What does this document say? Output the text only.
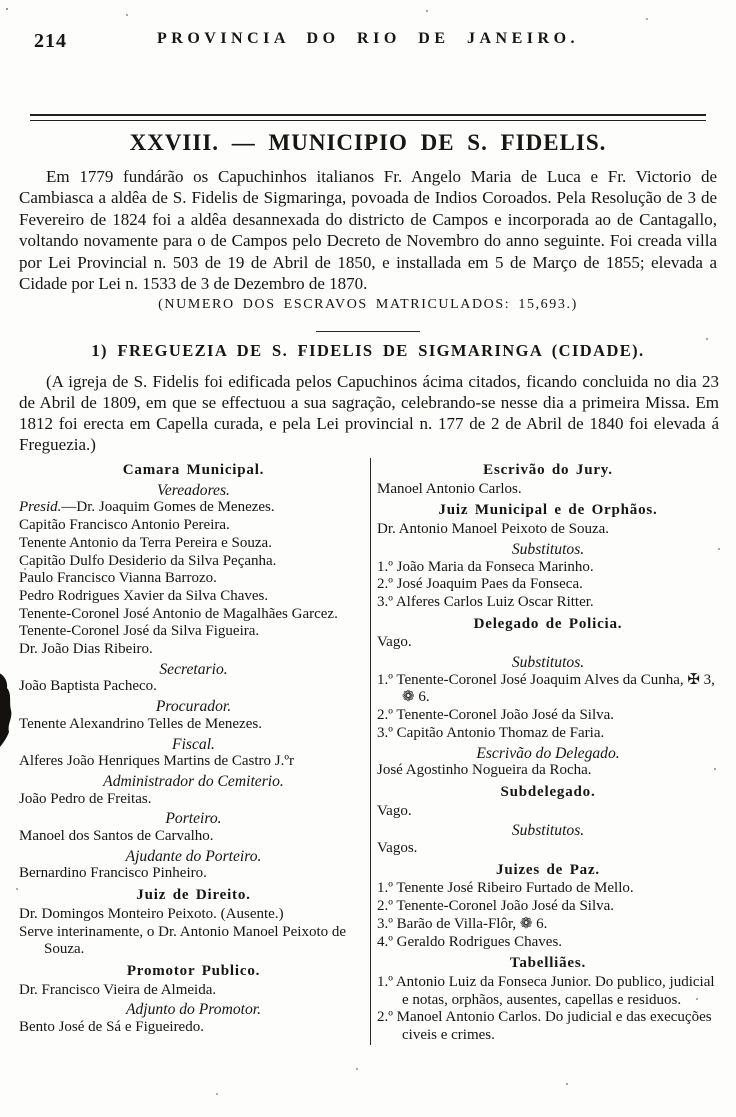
214	PROVINCIA DO RIO DE JANEIRO.
XXVIII. — MUNICIPIO DE S. FIDELIS.

Em 1779 fundárão os Capuchinhos italianos Fr. Angelo Maria de Luca e Fr. Victorio de Cambiasca a aldêa de S. Fidelis de Sigmaringa, povoada de Indios Coroados. Pela Resolução de 3 de Fevereiro de 1824 foi a aldêa desannexada do districto de Campos e incorporada ao de Cantagallo, voltando novamente para o de Campos pelo Decreto de Novembro do anno seguinte. Foi creada villa por Lei Provincial n. 503 de 19 de Abril de 1850, e installada em 5 de Março de 1855; elevada a Cidade por Lei n. 1533 de 3 de Dezembro de 1870.

(NUMERO DOS ESCRAVOS MATRICULADOS: 15,693.)

1) FREGUEZIA DE S. FIDELIS DE SIGMARINGA (CIDADE).

(A igreja de S. Fidelis foi edificada pelos Capuchinos ácima citados, ficando concluida no dia 23 de Abril de 1809, em que se effectuou a sua sagração, celebrando-se nesse dia a primeira Missa. Em 1812 foi erecta em Capella curada, e pela Lei provincial n. 177 de 2 de Abril de 1840 foi elevada á Freguezia.)

Camara Municipal.
Vereadores.
Presid.—Dr. Joaquim Gomes de Menezes.
Capitão Francisco Antonio Pereira.
Tenente Antonio da Terra Pereira e Souza.
Capitão Dulfo Desiderio da Silva Peçanha.
Paulo Francisco Vianna Barrozo.
Pedro Rodrigues Xavier da Silva Chaves.
Tenente-Coronel José Antonio de Magalhães Garcez.
Tenente-Coronel José da Silva Figueira.
Dr. João Dias Ribeiro.
Secretario.
João Baptista Pacheco.
Procurador.
Tenente Alexandrino Telles de Menezes.
Fiscal.
Alferes João Henriques Martins de Castro J.ºr
Administrador do Cemiterio.
João Pedro de Freitas.
Porteiro.
Manoel dos Santos de Carvalho.
Ajudante do Porteiro.
Bernardino Francisco Pinheiro.
Juiz de Direito.
Dr. Domingos Monteiro Peixoto. (Ausente.)
Serve interinamente, o Dr. Antonio Manoel Peixoto de Souza.
Promotor Publico.
Dr. Francisco Vieira de Almeida.
Adjunto do Promotor.
Bento José de Sá e Figueiredo.
Escrivão do Jury.
Manoel Antonio Carlos.
Juiz Municipal e de Orphãos.
Dr. Antonio Manoel Peixoto de Souza.
Substitutos.
1.º João Maria da Fonseca Marinho.
2.º José Joaquim Paes da Fonseca.
3.º Alferes Carlos Luiz Oscar Ritter.
Delegado de Policia.
Vago.
Substitutos.
1.º Tenente-Coronel José Joaquim Alves da Cunha, ✠ 3, ❁ 6.
2.º Tenente-Coronel João José da Silva.
3.º Capitão Antonio Thomaz de Faria.
Escrivão do Delegado.
José Agostinho Nogueira da Rocha.
Subdelegado.
Vago.
Substitutos.
Vagos.
Juizes de Paz.
1.º Tenente José Ribeiro Furtado de Mello.
2.º Tenente-Coronel João José da Silva.
3.º Barão de Villa-Flôr, ❁ 6.
4.º Geraldo Rodrigues Chaves.
Tabelliães.
1.º Antonio Luiz da Fonseca Junior. Do publico, judicial e notas, orphãos, ausentes, capellas e residuos.
2.º Manoel Antonio Carlos. Do judicial e das execuções civeis e crimes.
